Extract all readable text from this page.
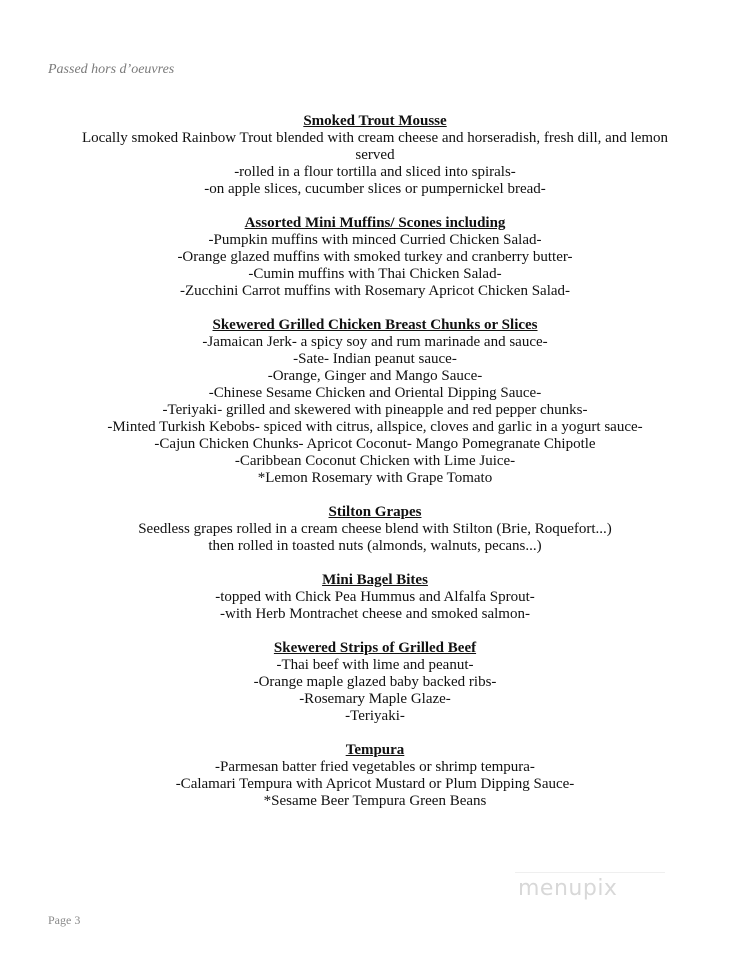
Passed hors d’oeuvres

Smoked Trout Mousse

Locally smoked Rainbow Trout blended with cream cheese and horseradish, fresh dill, and lemon

served

-rolled in a flour tortilla and sliced into spirals-

-on apple slices, cucumber slices or pumpernickel bread-

Assorted Mini Muffins/ Scones including

-Pumpkin muffins with minced Curried Chicken Salad-

-Orange glazed muffins with smoked turkey and cranberry butter-

-Cumin muffins with Thai Chicken Salad-

-Zucchini Carrot muffins with Rosemary Apricot Chicken Salad-

Skewered Grilled Chicken Breast Chunks or Slices

-Jamaican Jerk- a spicy soy and rum marinade and sauce-

-Sate- Indian peanut sauce-

-Orange, Ginger and Mango Sauce-

-Chinese Sesame Chicken and Oriental Dipping Sauce-

-Teriyaki- grilled and skewered with pineapple and red pepper chunks-

-Minted Turkish Kebobs- spiced with citrus, allspice, cloves and garlic in a yogurt sauce-

-Cajun Chicken Chunks- Apricot Coconut- Mango Pomegranate Chipotle

-Caribbean Coconut Chicken with Lime Juice-

*Lemon Rosemary with Grape Tomato

Stilton Grapes

Seedless grapes rolled in a cream cheese blend with Stilton (Brie, Roquefort...)

then rolled in toasted nuts (almonds, walnuts, pecans...)

Mini Bagel Bites

-topped with Chick Pea Hummus and Alfalfa Sprout-

-with Herb Montrachet cheese and smoked salmon-

Skewered Strips of Grilled Beef

-Thai beef with lime and peanut-

-Orange maple glazed baby backed ribs-

-Rosemary Maple Glaze-

-Teriyaki-

Tempura

-Parmesan batter fried vegetables or shrimp tempura-

-Calamari Tempura with Apricot Mustard or Plum Dipping Sauce-

*Sesame Beer Tempura Green Beans

menupix
Page 3
